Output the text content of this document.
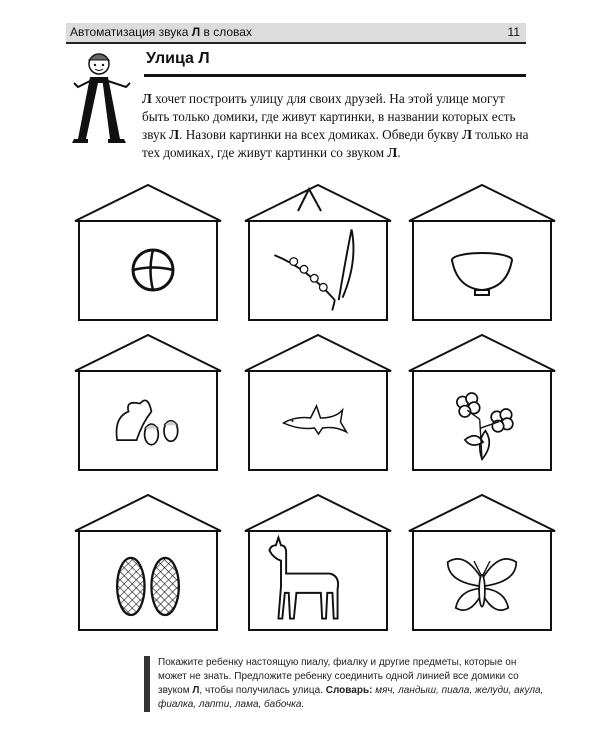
Автоматизация звука Л в словах	11
Улица Л
Л хочет построить улицу для своих друзей. На этой улице могут быть только домики, где живут картинки, в названии которых есть звук Л. Назови картинки на всех домиках. Обведи букву Л только на тех домиках, где живут картинки со звуком Л.
Покажите ребенку настоящую пиалу, фиалку и другие предметы, которые он может не знать. Предложите ребенку соединить одной линией все домики со звуком Л, чтобы получилась улица. Словарь: мяч, ландыш, пиала, желуди, акула, фиалка, лапти, лама, бабочка.
